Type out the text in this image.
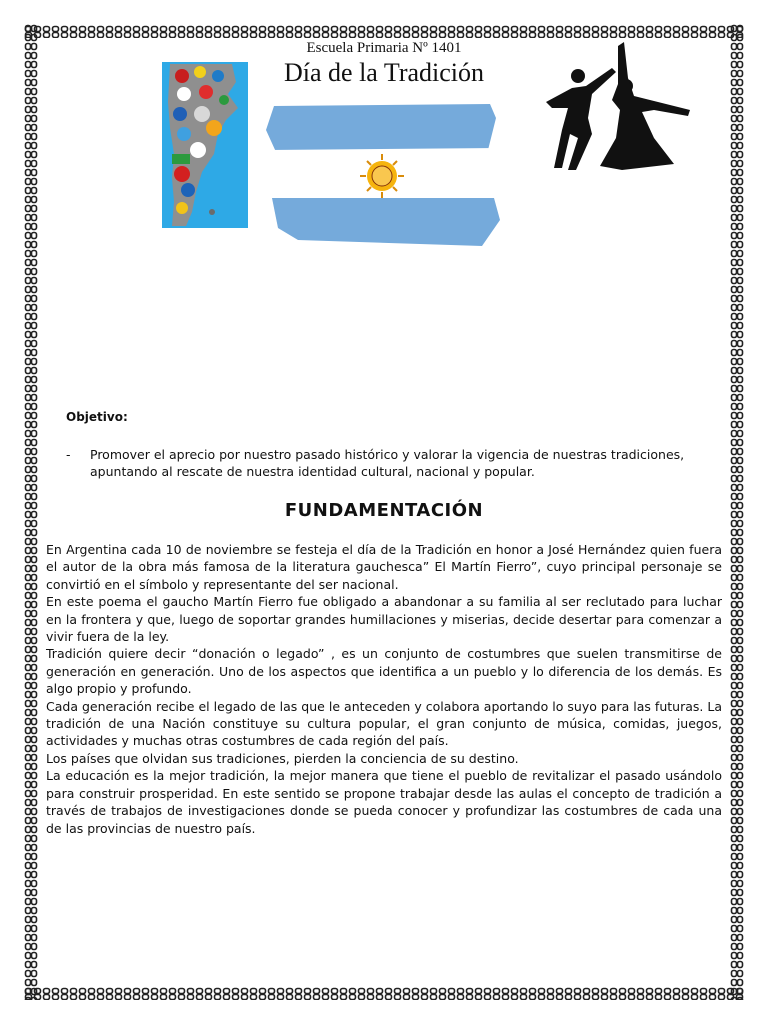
Escuela Primaria Nº 1401
Día de la Tradición
Objetivo:
-	Promover el aprecio por nuestro pasado histórico y valorar la vigencia de nuestras tradiciones, apuntando al rescate de nuestra identidad cultural, nacional y popular.
FUNDAMENTACIÓN

En Argentina cada 10 de noviembre se festeja el día de la Tradición en honor a José Hernández quien fuera el autor de la obra más famosa de la literatura gauchesca” El Martín Fierro”, cuyo principal personaje se convirtió en el símbolo y representante del ser nacional.

En este poema el gaucho Martín Fierro fue obligado a abandonar a su familia al ser reclutado para luchar en la frontera y que, luego de soportar grandes humillaciones y miserias, decide desertar para comenzar a vivir fuera de la ley.

Tradición quiere decir “donación o legado” , es un conjunto de costumbres que suelen transmitirse de generación en generación. Uno de los aspectos que identifica a un pueblo y lo diferencia de los demás. Es algo propio y profundo.

Cada generación recibe el legado de las que le anteceden y colabora aportando lo suyo para las futuras. La tradición de una Nación constituye su cultura popular, el gran conjunto de música, comidas, juegos, actividades y muchas otras costumbres de cada región del país.

Los países que olvidan sus tradiciones, pierden la conciencia de su destino.

La educación es la mejor tradición, la mejor manera que tiene el pueblo de revitalizar el pasado usándolo para construir prosperidad. En este sentido se propone trabajar desde las aulas el concepto de tradición a través de trabajos de investigaciones donde se pueda conocer y profundizar las costumbres de cada una de las provincias de nuestro país.
